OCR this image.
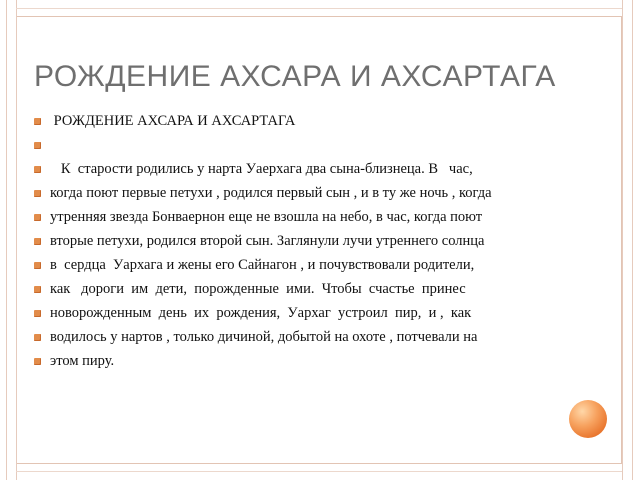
РОЖДЕНИЕ АХСАРА И АХСАРТАГА
РОЖДЕНИЕ АХСАРА И АХСАРТАГА
К  старости родились у нарта Уаерхага два сына-близнеца. В   час,
когда поют первые петухи , родился первый сын , и в ту же ночь , когда
утренняя звезда Бонваернон еще не взошла на небо, в час, когда поют
вторые петухи, родился второй сын. Заглянули лучи утреннего солнца
в  сердца  Уархага и жены его Сайнагон , и почувствовали родители,
как   дороги  им  дети,  порожденные  ими.  Чтобы  счастье  принес
новорожденным  день  их  рождения,  Уархаг  устроил  пир,  и ,  как
водилось у нартов , только дичиной, добытой на охоте , потчевали на
этом пиру.
